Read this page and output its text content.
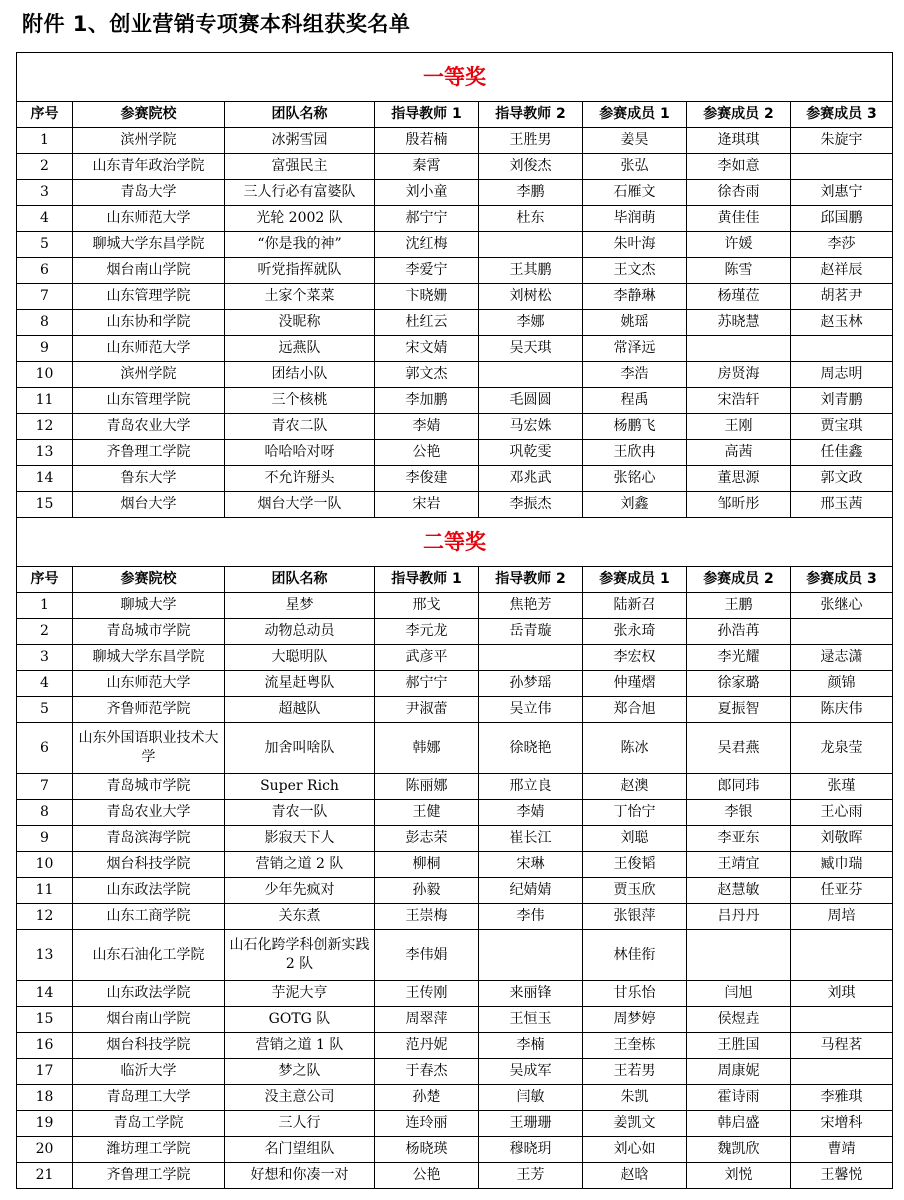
附件 1、创业营销专项赛本科组获奖名单
一等奖							
序号	参赛院校	团队名称	指导教师 1	指导教师 2	参赛成员 1	参赛成员 2	参赛成员 3
1	滨州学院	冰粥雪园	殷若楠	王胜男	姜昊	逄琪琪	朱旋宇
2	山东青年政治学院	富强民主	秦霄	刘俊杰	张弘	李如意	
3	青岛大学	三人行必有富婆队	刘小童	李鹏	石雁文	徐杏雨	刘惠宁
4	山东师范大学	光轮 2002 队	郝宁宁	杜东	毕润萌	黄佳佳	邱国鹏
5	聊城大学东昌学院	“你是我的神”	沈红梅		朱叶海	许媛	李莎
6	烟台南山学院	听党指挥就队	李爱宁	王其鹏	王文杰	陈雪	赵祥辰
7	山东管理学院	土家个菜菜	卞晓姗	刘树松	李静琳	杨瑾莅	胡茗尹
8	山东协和学院	没昵称	杜红云	李娜	姚瑶	苏晓慧	赵玉林
9	山东师范大学	远燕队	宋文婧	吴天琪	常泽远		
10	滨州学院	团结小队	郭文杰		李浩	房贤海	周志明
11	山东管理学院	三个核桃	李加鹏	毛圆圆	程禹	宋浩轩	刘青鹏
12	青岛农业大学	青农二队	李婧	马宏姝	杨鹏飞	王刚	贾宝琪
13	齐鲁理工学院	哈哈哈对呀	公艳	巩乾雯	王欣冉	高茜	任佳鑫
14	鲁东大学	不允许掰头	李俊建	邓兆武	张铭心	董思源	郭文政
15	烟台大学	烟台大学一队	宋岩	李振杰	刘鑫	邹昕彤	邢玉茜
二等奖							
序号	参赛院校	团队名称	指导教师 1	指导教师 2	参赛成员 1	参赛成员 2	参赛成员 3
1	聊城大学	星梦	邢戈	焦艳芳	陆新召	王鹏	张继心
2	青岛城市学院	动物总动员	李元龙	岳青璇	张永琦	孙浩苒	
3	聊城大学东昌学院	大聪明队	武彦平		李宏权	李光耀	逯志潇
4	山东师范大学	流星赶粤队	郝宁宁	孙梦瑶	仲瑾熠	徐家璐	颜锦
5	齐鲁师范学院	超越队	尹淑蕾	吴立伟	郑合旭	夏振智	陈庆伟
6	山东外国语职业技术大学	加舍叫啥队	韩娜	徐晓艳	陈冰	吴君燕	龙泉莹
7	青岛城市学院	Super Rich	陈丽娜	邢立良	赵澳	郎同玮	张瑾
8	青岛农业大学	青农一队	王健	李婧	丁怡宁	李银	王心雨
9	青岛滨海学院	影寂天下人	彭志荣	崔长江	刘聪	李亚东	刘敬晖
10	烟台科技学院	营销之道 2 队	柳桐	宋琳	王俊韬	王靖宜	臧巾瑞
11	山东政法学院	少年先疯对	孙毅	纪婧婧	贾玉欣	赵慧敏	任亚芬
12	山东工商学院	关东煮	王崇梅	李伟	张银萍	吕丹丹	周培
13	山东石油化工学院	山石化跨学科创新实践 2 队	李伟娟		林佳衔		
14	山东政法学院	芋泥大亨	王传刚	来丽锋	甘乐怡	闫旭	刘琪
15	烟台南山学院	GOTG 队	周翠萍	王恒玉	周梦婷	侯煜垚	
16	烟台科技学院	营销之道 1 队	范丹妮	李楠	王奎栋	王胜国	马程茗
17	临沂大学	梦之队	于春杰	吴成军	王若男	周康妮	
18	青岛理工大学	没主意公司	孙楚	闫敏	朱凯	霍诗雨	李雅琪
19	青岛工学院	三人行	连玲丽	王珊珊	姜凯文	韩启盛	宋增科
20	潍坊理工学院	名门望组队	杨晓瑛	穆晓玥	刘心如	魏凯欣	曹靖
21	齐鲁理工学院	好想和你凑一对	公艳	王芳	赵晗	刘悦	王馨悦
